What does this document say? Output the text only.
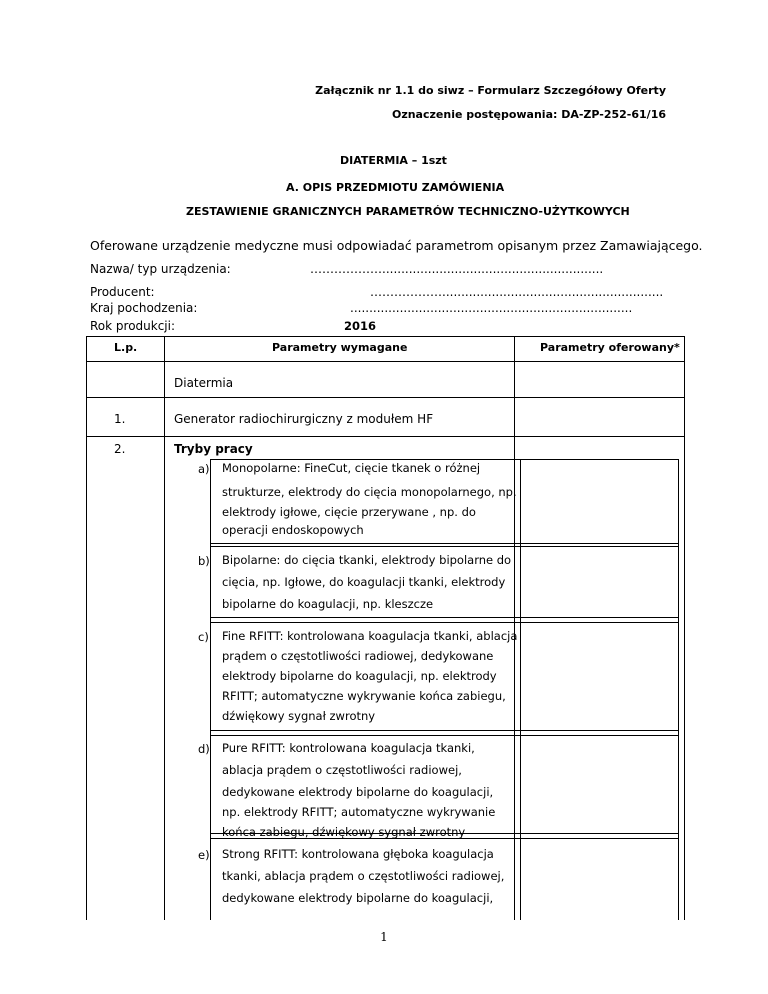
Załącznik nr 1.1 do siwz – Formularz Szczegółowy Oferty
Oznaczenie postępowania: DA-ZP-252-61/16
DIATERMIA – 1szt
A. OPIS PRZEDMIOTU ZAMÓWIENIA
ZESTAWIENIE GRANICZNYCH PARAMETRÓW TECHNICZNO-UŻYTKOWYCH
Oferowane urządzenie medyczne musi odpowiadać parametrom opisanym przez Zamawiającego.
Nazwa/ typ urządzenia:	………………..........................................................
Producent:	………………..........................................................
Kraj pochodzenia:	..........................................................................
Rok produkcji:	2016
L.p.	Parametry wymagane	Parametry oferowany*
Diatermia
1.	Generator radiochirurgiczny z modułem HF
2.	Tryby pracy
a) Monopolarne: FineCut, cięcie tkanek o różnej
strukturze, elektrody do cięcia monopolarnego, np.
elektrody igłowe, cięcie przerywane , np. do
operacji endoskopowych
b) Bipolarne: do cięcia tkanki, elektrody bipolarne do
cięcia, np. Igłowe, do koagulacji tkanki, elektrody
bipolarne do koagulacji, np. kleszcze
c) Fine RFITT: kontrolowana koagulacja tkanki, ablacja
prądem o częstotliwości radiowej, dedykowane
elektrody bipolarne do koagulacji, np. elektrody
RFITT; automatyczne wykrywanie końca zabiegu,
dźwiękowy sygnał zwrotny
d) Pure RFITT: kontrolowana koagulacja tkanki,
ablacja prądem o częstotliwości radiowej,
dedykowane elektrody bipolarne do koagulacji,
np. elektrody RFITT; automatyczne wykrywanie
końca zabiegu, dźwiękowy sygnał zwrotny
e) Strong RFITT: kontrolowana głęboka koagulacja
tkanki, ablacja prądem o częstotliwości radiowej,
dedykowane elektrody bipolarne do koagulacji,
1
